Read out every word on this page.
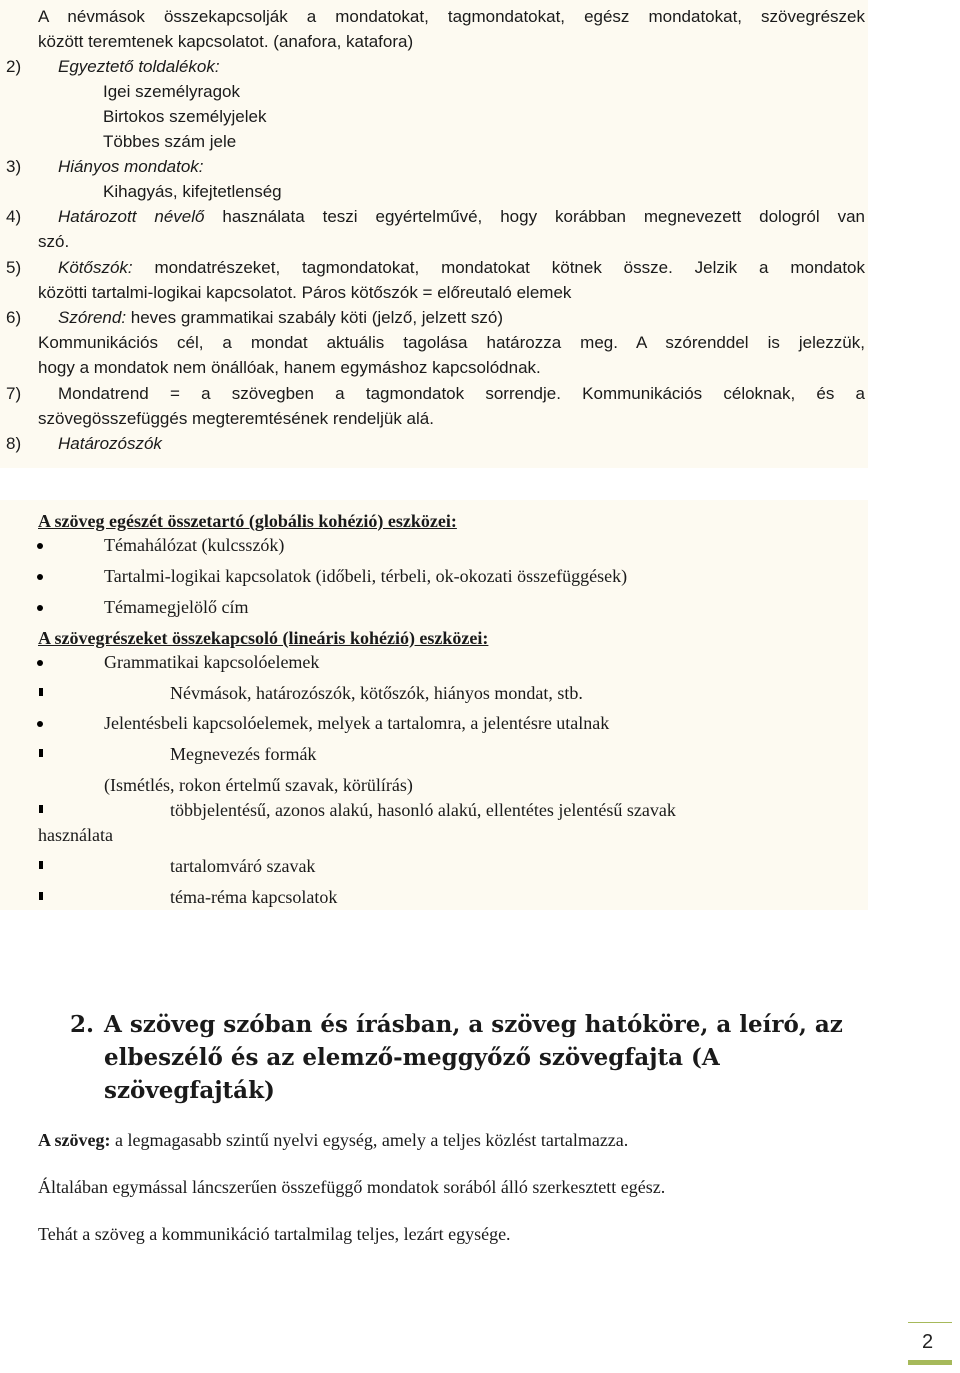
A névmások összekapcsolják a mondatokat, tagmondatokat, egész mondatokat, szövegrészek
között teremtenek kapcsolatot. (anafora, katafora)
2) Egyeztető toldalékok:
Igei személyragok
Birtokos személyjelek
Többes szám jele
3) Hiányos mondatok:
Kihagyás, kifejtetlenség
4) Határozott névelő használata teszi egyértelművé, hogy korábban megnevezett dologról van
szó.
5) Kötőszók: mondatrészeket, tagmondatokat, mondatokat kötnek össze. Jelzik a mondatok
közötti tartalmi-logikai kapcsolatot. Páros kötőszók = előreutaló elemek
6) Szórend: heves grammatikai szabály köti (jelző, jelzett szó)
Kommunikációs cél, a mondat aktuális tagolása határozza meg. A szórenddel is jelezzük,
hogy a mondatok nem önállóak, hanem egymáshoz kapcsolódnak.
7) Mondatrend = a szövegben a tagmondatok sorrendje. Kommunikációs céloknak, és a
szövegösszefüggés megteremtésének rendeljük alá.
8) Határozószók
A szöveg egészét összetartó (globális kohézió) eszközei:
Témahálózat (kulcsszók)
Tartalmi-logikai kapcsolatok (időbeli, térbeli, ok-okozati összefüggések)
Témamegjelölő cím
A szövegrészeket összekapcsoló (lineáris kohézió) eszközei:
Grammatikai kapcsolóelemek
Névmások, határozószók, kötőszók, hiányos mondat, stb.
Jelentésbeli kapcsolóelemek, melyek a tartalomra, a jelentésre utalnak
Megnevezés formák
(Ismétlés, rokon értelmű szavak, körülírás)
többjelentésű, azonos alakú, hasonló alakú, ellentétes jelentésű szavak
használata
tartalomváró szavak
téma-réma kapcsolatok
2. A szöveg szóban és írásban, a szöveg hatóköre, a leíró, az elbeszélő és az elemző-meggyőző szövegfajta (A szövegfajták)
A szöveg: a legmagasabb szintű nyelvi egység, amely a teljes közlést tartalmazza.
Általában egymással láncszerűen összefüggő mondatok sorából álló szerkesztett egész.
Tehát a szöveg a kommunikáció tartalmilag teljes, lezárt egysége.
2
